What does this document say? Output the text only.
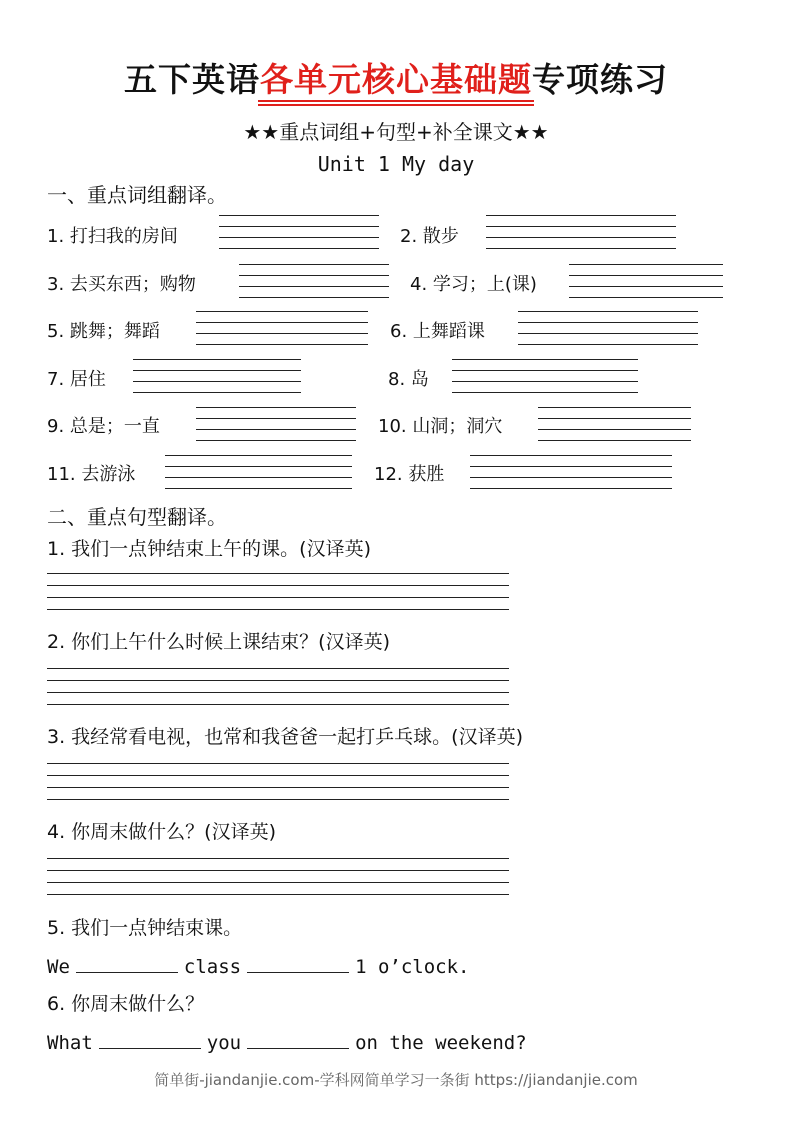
五下英语各单元核心基础题专项练习
★★重点词组+句型+补全课文★★
Unit 1 My day
一、重点词组翻译。
1. 打扫我的房间	2. 散步
3. 去买东西；购物	4. 学习；上(课)
5. 跳舞；舞蹈	6. 上舞蹈课
7. 居住	8. 岛
9. 总是；一直	10. 山洞；洞穴
11. 去游泳	12. 获胜
二、重点句型翻译。
1. 我们一点钟结束上午的课。(汉译英)
2. 你们上午什么时候上课结束？(汉译英)
3. 我经常看电视，也常和我爸爸一起打乒乓球。(汉译英)
4. 你周末做什么？(汉译英)
5. 我们一点钟结束课。
We	class	1 o’clock.
6. 你周末做什么？
What	you	on the weekend?
简单街-jiandanjie.com-学科网简单学习一条街 https://jiandanjie.com
